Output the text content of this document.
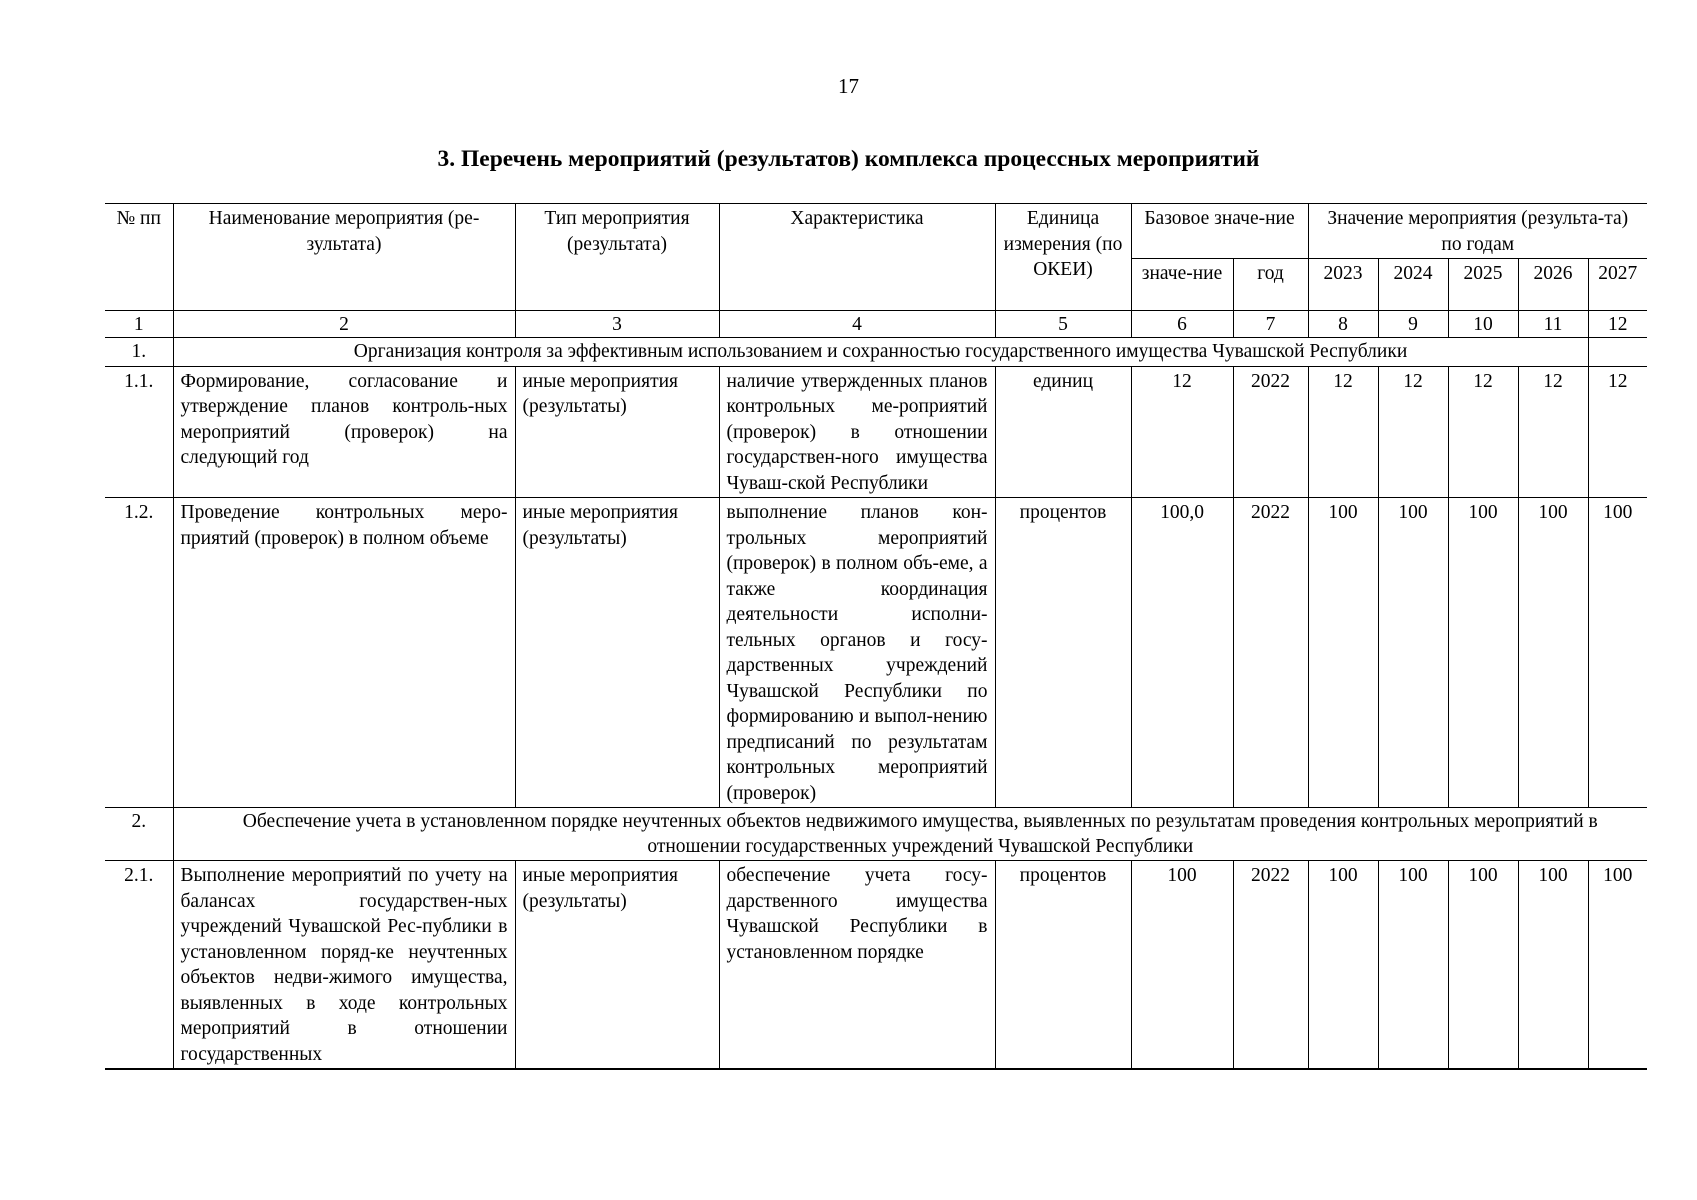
17
3. Перечень мероприятий (результатов) комплекса процессных мероприятий
№ пп	Наименование мероприятия (ре-зультата)	Тип мероприятия (результата)	Характеристика	Единица измерения (по ОКЕИ)	Базовое значе-ние		Значение мероприятия (результа-та) по годам				
					значе-ние	год	2023	2024	2025	2026	2027
1	2	3	4	5	6	7	8	9	10	11	12
1.	Организация контроля за эффективным использованием и сохранностью государственного имущества Чувашской Республики										
1.1.	Формирование, согласование и утверждение планов контроль-ных мероприятий (проверок) на следующий год	иные мероприятия (результаты)	наличие утвержденных планов контрольных ме-роприятий (проверок) в отношении государствен-ного имущества Чуваш-ской Республики	единиц	12	2022	12	12	12	12	12
1.2.	Проведение контрольных меро-приятий (проверок) в полном объеме	иные мероприятия (результаты)	выполнение планов кон-трольных мероприятий (проверок) в полном объ-еме, а также координация деятельности исполни-тельных органов и госу-дарственных учреждений Чувашской Республики по формированию и выпол-нению предписаний по результатам контрольных мероприятий (проверок)	процентов	100,0	2022	100	100	100	100	100
2.	Обеспечение учета в установленном порядке неучтенных объектов недвижимого имущества, выявленных по результатам проведения контрольных мероприятий в отношении государственных учреждений Чувашской Республики										
2.1.	Выполнение мероприятий по учету на балансах государствен-ных учреждений Чувашской Рес-публики в установленном поряд-ке неучтенных объектов недви-жимого имущества, выявленных в ходе контрольных мероприятий в отношении государственных	иные мероприятия (результаты)	обеспечение учета госу-дарственного имущества Чувашской Республики в установленном порядке	процентов	100	2022	100	100	100	100	100
